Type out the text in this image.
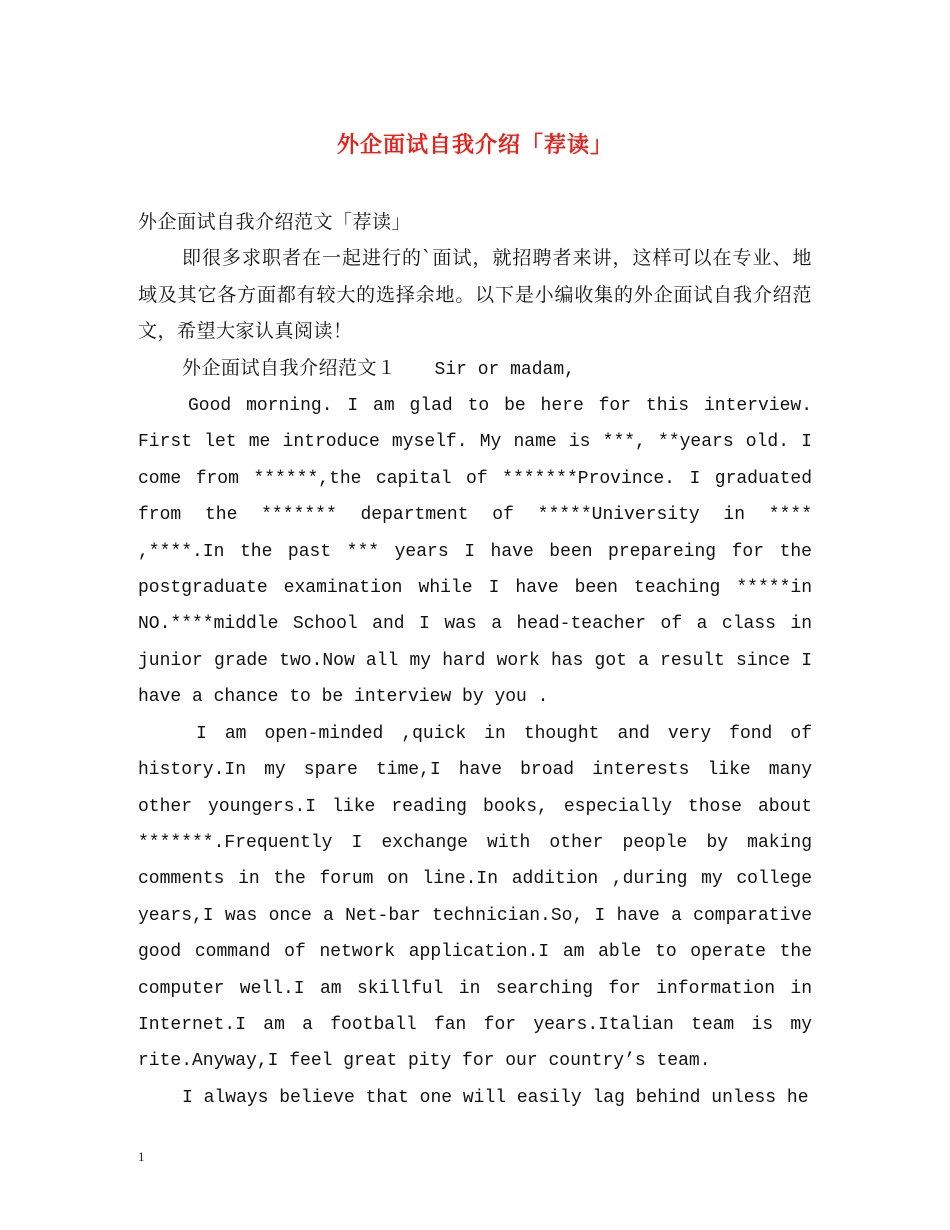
外企面试自我介绍「荐读」

外企面试自我介绍范文「荐读」

即很多求职者在一起进行的`面试，就招聘者来讲，这样可以在专业、地域及其它各方面都有较大的选择余地。以下是小编收集的外企面试自我介绍范文，希望大家认真阅读！

外企面试自我介绍范文１ Sir or madam,

Good morning. I am glad to be here for this interview. First let me introduce myself. My name is ***, **years old. I come from ******,the capital of *******Province. I graduated from the ******* department of *****University in **** ,****.In the past *** years I have been prepareing for the postgraduate examination while I have been teaching *****in NO.****middle School and I was a head-teacher of a class in junior grade two.Now all my hard work has got a result since I have a chance to be interview by you .

I am open-minded ,quick in thought and very fond of history.In my spare time,I have broad interests like many other youngers.I like reading books, especially those about *******.Frequently I exchange with other people by making comments in the forum on line.In addition ,during my college years,I was once a Net-bar technician.So, I have a comparative good command of network application.I am able to operate the computer well.I am skillful in searching for information in Internet.I am a football fan for years.Italian team is my rite.Anyway,I feel great pity for our country’s team.

I always believe that one will easily lag behind unless he

1
